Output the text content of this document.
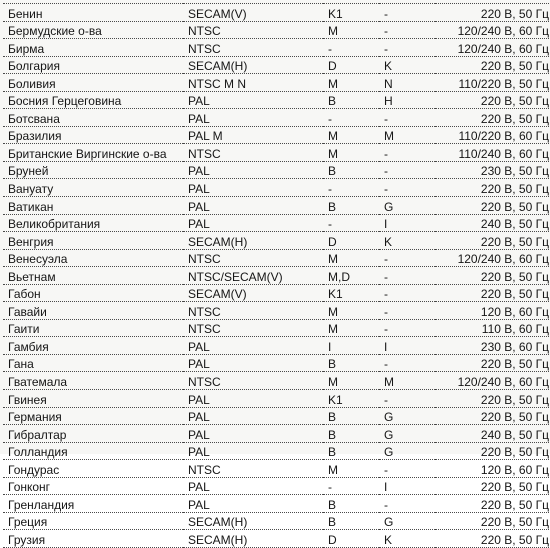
Бенин	SECAM(V)	K1	-	220 В, 50 Гц
Бермудские о-ва	NTSC	M	-	120/240 В, 60 Гц
Бирма	NTSC	-	-	120/240 В, 60 Гц
Болгария	SECAM(H)	D	K	220 В, 50 Гц
Боливия	NTSC M N	M	N	110/220 В, 50 Гц
Босния Герцеговина	PAL	B	H	220 В, 50 Гц
Ботсвана	PAL	-	-	220 В, 50 Гц
Бразилия	PAL M	M	M	110/220 В, 60 Гц
Британские Виргинские о-ва	NTSC	M	-	110/240 В, 60 Гц
Бруней	PAL	B	-	230 В, 50 Гц
Вануату	PAL	-	-	220 В, 50 Гц
Ватикан	PAL	B	G	220 В, 50 Гц
Великобритания	PAL	-	I	240 В, 50 Гц
Венгрия	SECAM(H)	D	K	220 В, 50 Гц
Венесуэла	NTSC	M	-	120/240 В, 60 Гц
Вьетнам	NTSC/SECAM(V)	M,D	-	220 В, 50 Гц
Габон	SECAM(V)	K1	-	220 В, 50 Гц
Гавайи	NTSC	M	-	120 В, 60 Гц
Гаити	NTSC	M	-	110 В, 60 Гц
Гамбия	PAL	I	I	230 В, 60 Гц
Гана	PAL	B	-	220 В, 50 Гц
Гватемала	NTSC	M	M	120/240 В, 60 Гц
Гвинея	PAL	K1	-	220 В, 50 Гц
Германия	PAL	B	G	220 В, 50 Гц
Гибралтар	PAL	B	G	240 В, 50 Гц
Голландия	PAL	B	G	220 В, 50 Гц
Гондурас	NTSC	M	-	120 В, 60 Гц
Гонконг	PAL	-	I	220 В, 50 Гц
Гренландия	PAL	B	-	220 В, 50 Гц
Греция	SECAM(H)	B	G	220 В, 50 Гц
Грузия	SECAM(H)	D	K	220 В, 50 Гц
